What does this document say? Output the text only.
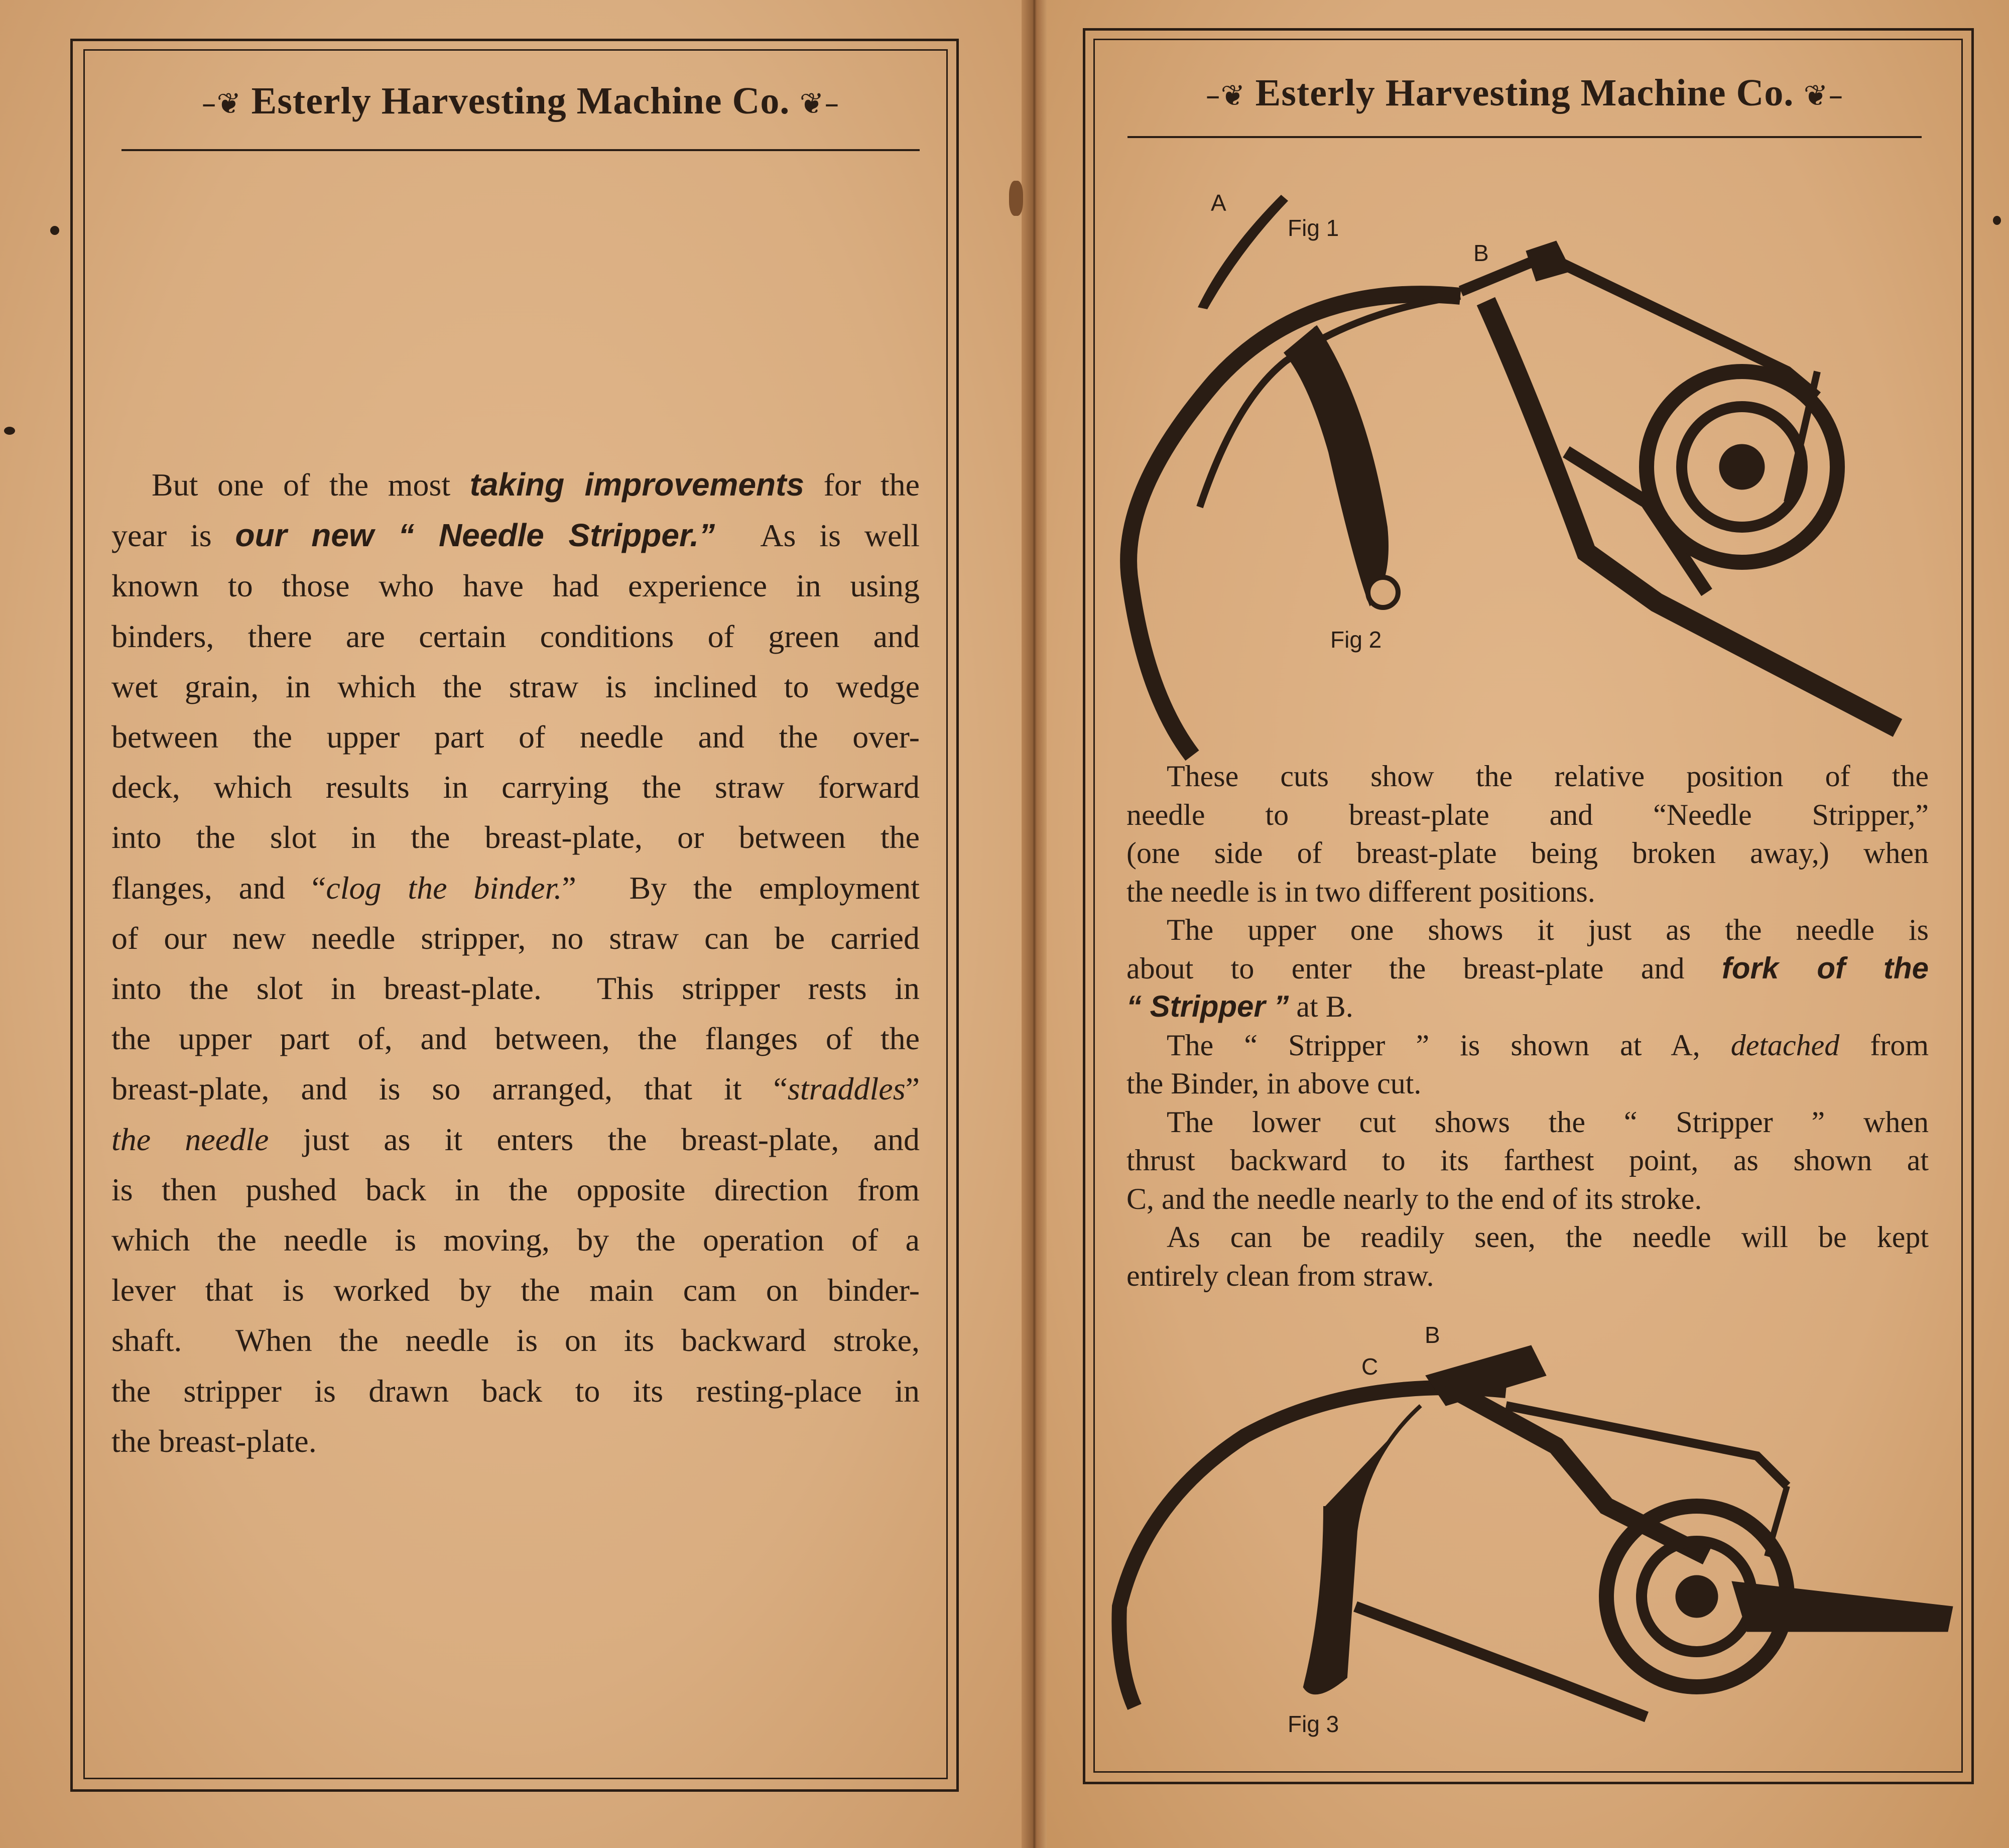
–❦ Esterly Harvesting Machine Co. ❦–
But one of the most taking improvements for the
year is our new “ Needle Stripper.”  As is well
known to those who have had experience in using
binders, there are certain conditions of green and
wet grain, in which the straw is inclined to wedge
between the upper part of needle and the over-
deck, which results in carrying the straw forward
into the slot in the breast-plate, or between the
flanges, and “clog the binder.”  By the employment
of our new needle stripper, no straw can be carried
into the slot in breast-plate.  This stripper rests in
the upper part of, and between, the flanges of the
breast-plate, and is so arranged, that it “straddles”
the needle just as it enters the breast-plate, and
is then pushed back in the opposite direction from
which the needle is moving, by the operation of a
lever that is worked by the main cam on binder-
shaft.  When the needle is on its backward stroke,
the stripper is drawn back to its resting-place in
the breast-plate.
–❦ Esterly Harvesting Machine Co. ❦–
These cuts show the relative position of the
needle to breast-plate and “Needle Stripper,”
(one side of breast-plate being broken away,) when
the needle is in two different positions.
The upper one shows it just as the needle is
about to enter the breast-plate and fork of the
“ Stripper ” at B.
The “ Stripper ” is shown at A, detached from
the Binder, in above cut.
The lower cut shows the “ Stripper ” when
thrust backward to its farthest point, as shown at
C, and the needle nearly to the end of its stroke.
As can be readily seen, the needle will be kept
entirely clean from straw.
A
Fig 1
B
Fig 2
B
C
Fig 3
